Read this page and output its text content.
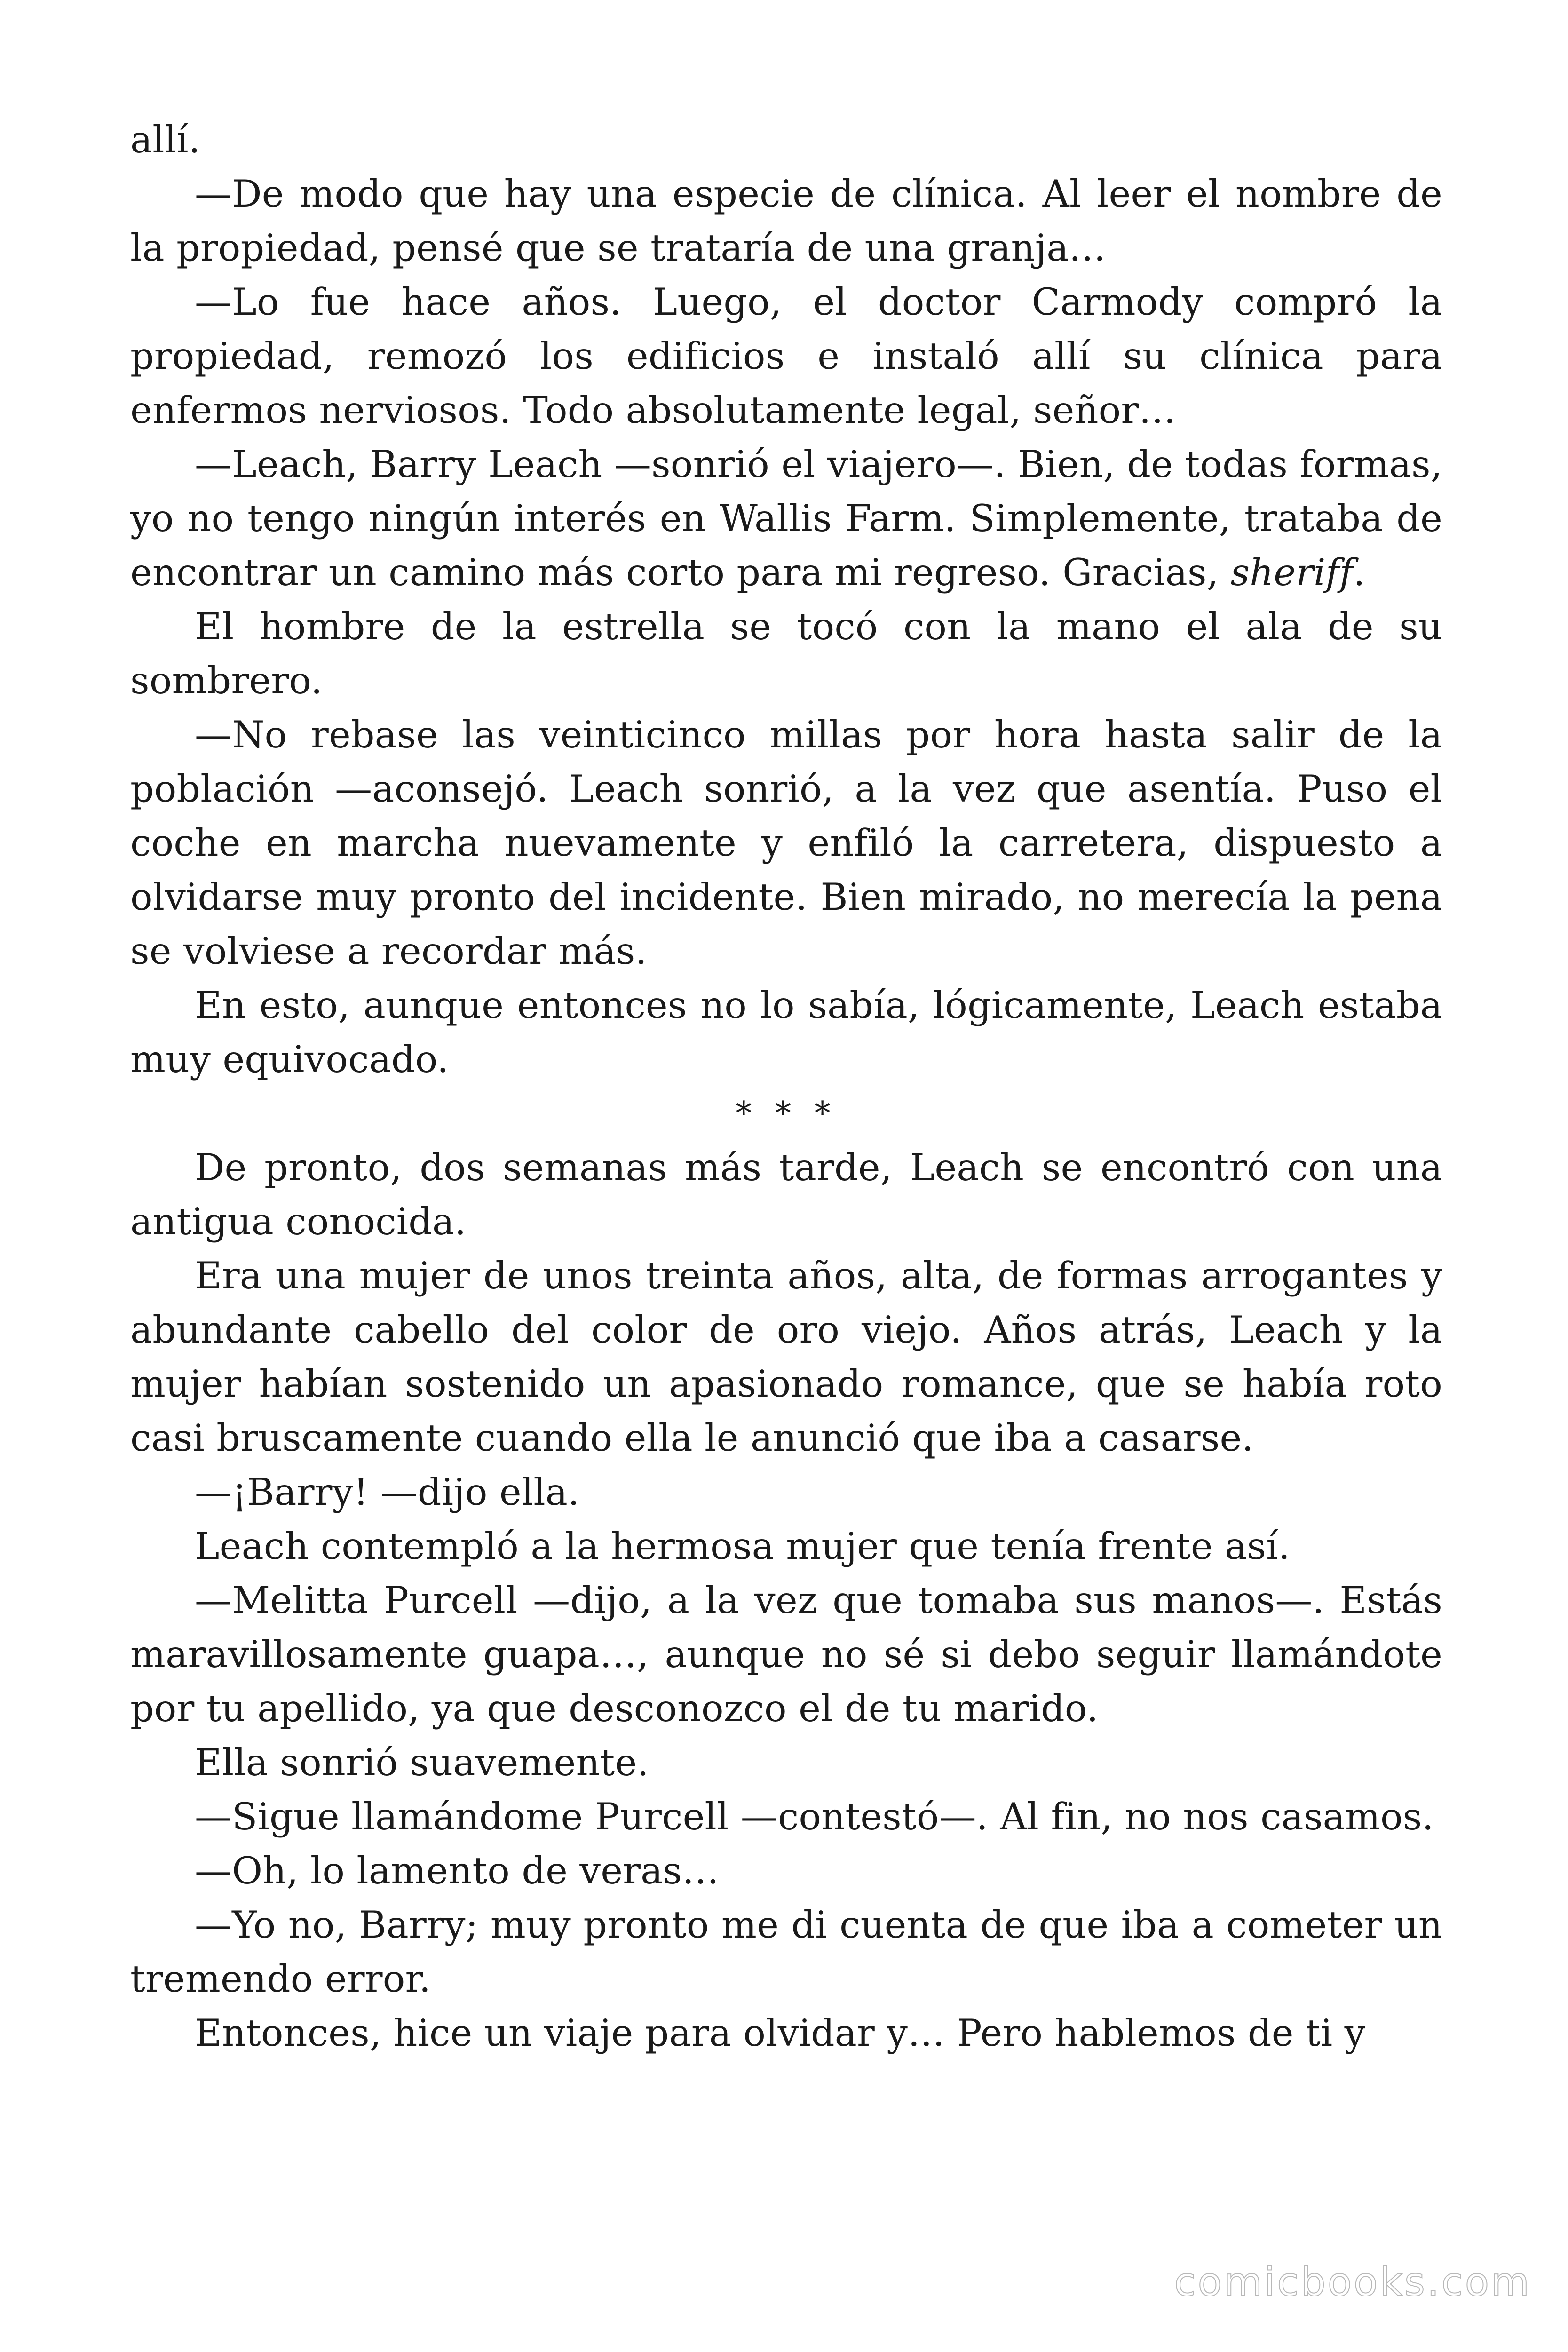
allí.

—De modo que hay una especie de clínica. Al leer el nombre de la propiedad, pensé que se trataría de una granja…

—Lo fue hace años. Luego, el doctor Carmody compró la propiedad, remozó los edificios e instaló allí su clínica para enfermos nerviosos. Todo absolutamente legal, señor…

—Leach, Barry Leach —sonrió el viajero—. Bien, de todas formas, yo no tengo ningún interés en Wallis Farm. Simplemente, trataba de encontrar un camino más corto para mi regreso. Gracias, sheriff.

El hombre de la estrella se tocó con la mano el ala de su sombrero.

—No rebase las veinticinco millas por hora hasta salir de la población —aconsejó. Leach sonrió, a la vez que asentía. Puso el coche en marcha nuevamente y enfiló la carretera, dispuesto a olvidarse muy pronto del incidente. Bien mirado, no merecía la pena se volviese a recordar más.

En esto, aunque entonces no lo sabía, lógicamente, Leach estaba muy equivocado.

* * *

De pronto, dos semanas más tarde, Leach se encontró con una antigua conocida.

Era una mujer de unos treinta años, alta, de formas arrogantes y abundante cabello del color de oro viejo. Años atrás, Leach y la mujer habían sostenido un apasionado romance, que se había roto casi bruscamente cuando ella le anunció que iba a casarse.

—¡Barry! —dijo ella.

Leach contempló a la hermosa mujer que tenía frente así.

—Melitta Purcell —dijo, a la vez que tomaba sus manos—. Estás maravillosamente guapa…, aunque no sé si debo seguir llamándote por tu apellido, ya que desconozco el de tu marido.

Ella sonrió suavemente.

—Sigue llamándome Purcell —contestó—. Al fin, no nos casamos.

—Oh, lo lamento de veras…

—Yo no, Barry; muy pronto me di cuenta de que iba a cometer un tremendo error.

Entonces, hice un viaje para olvidar y… Pero hablemos de ti y

comicbooks.com
